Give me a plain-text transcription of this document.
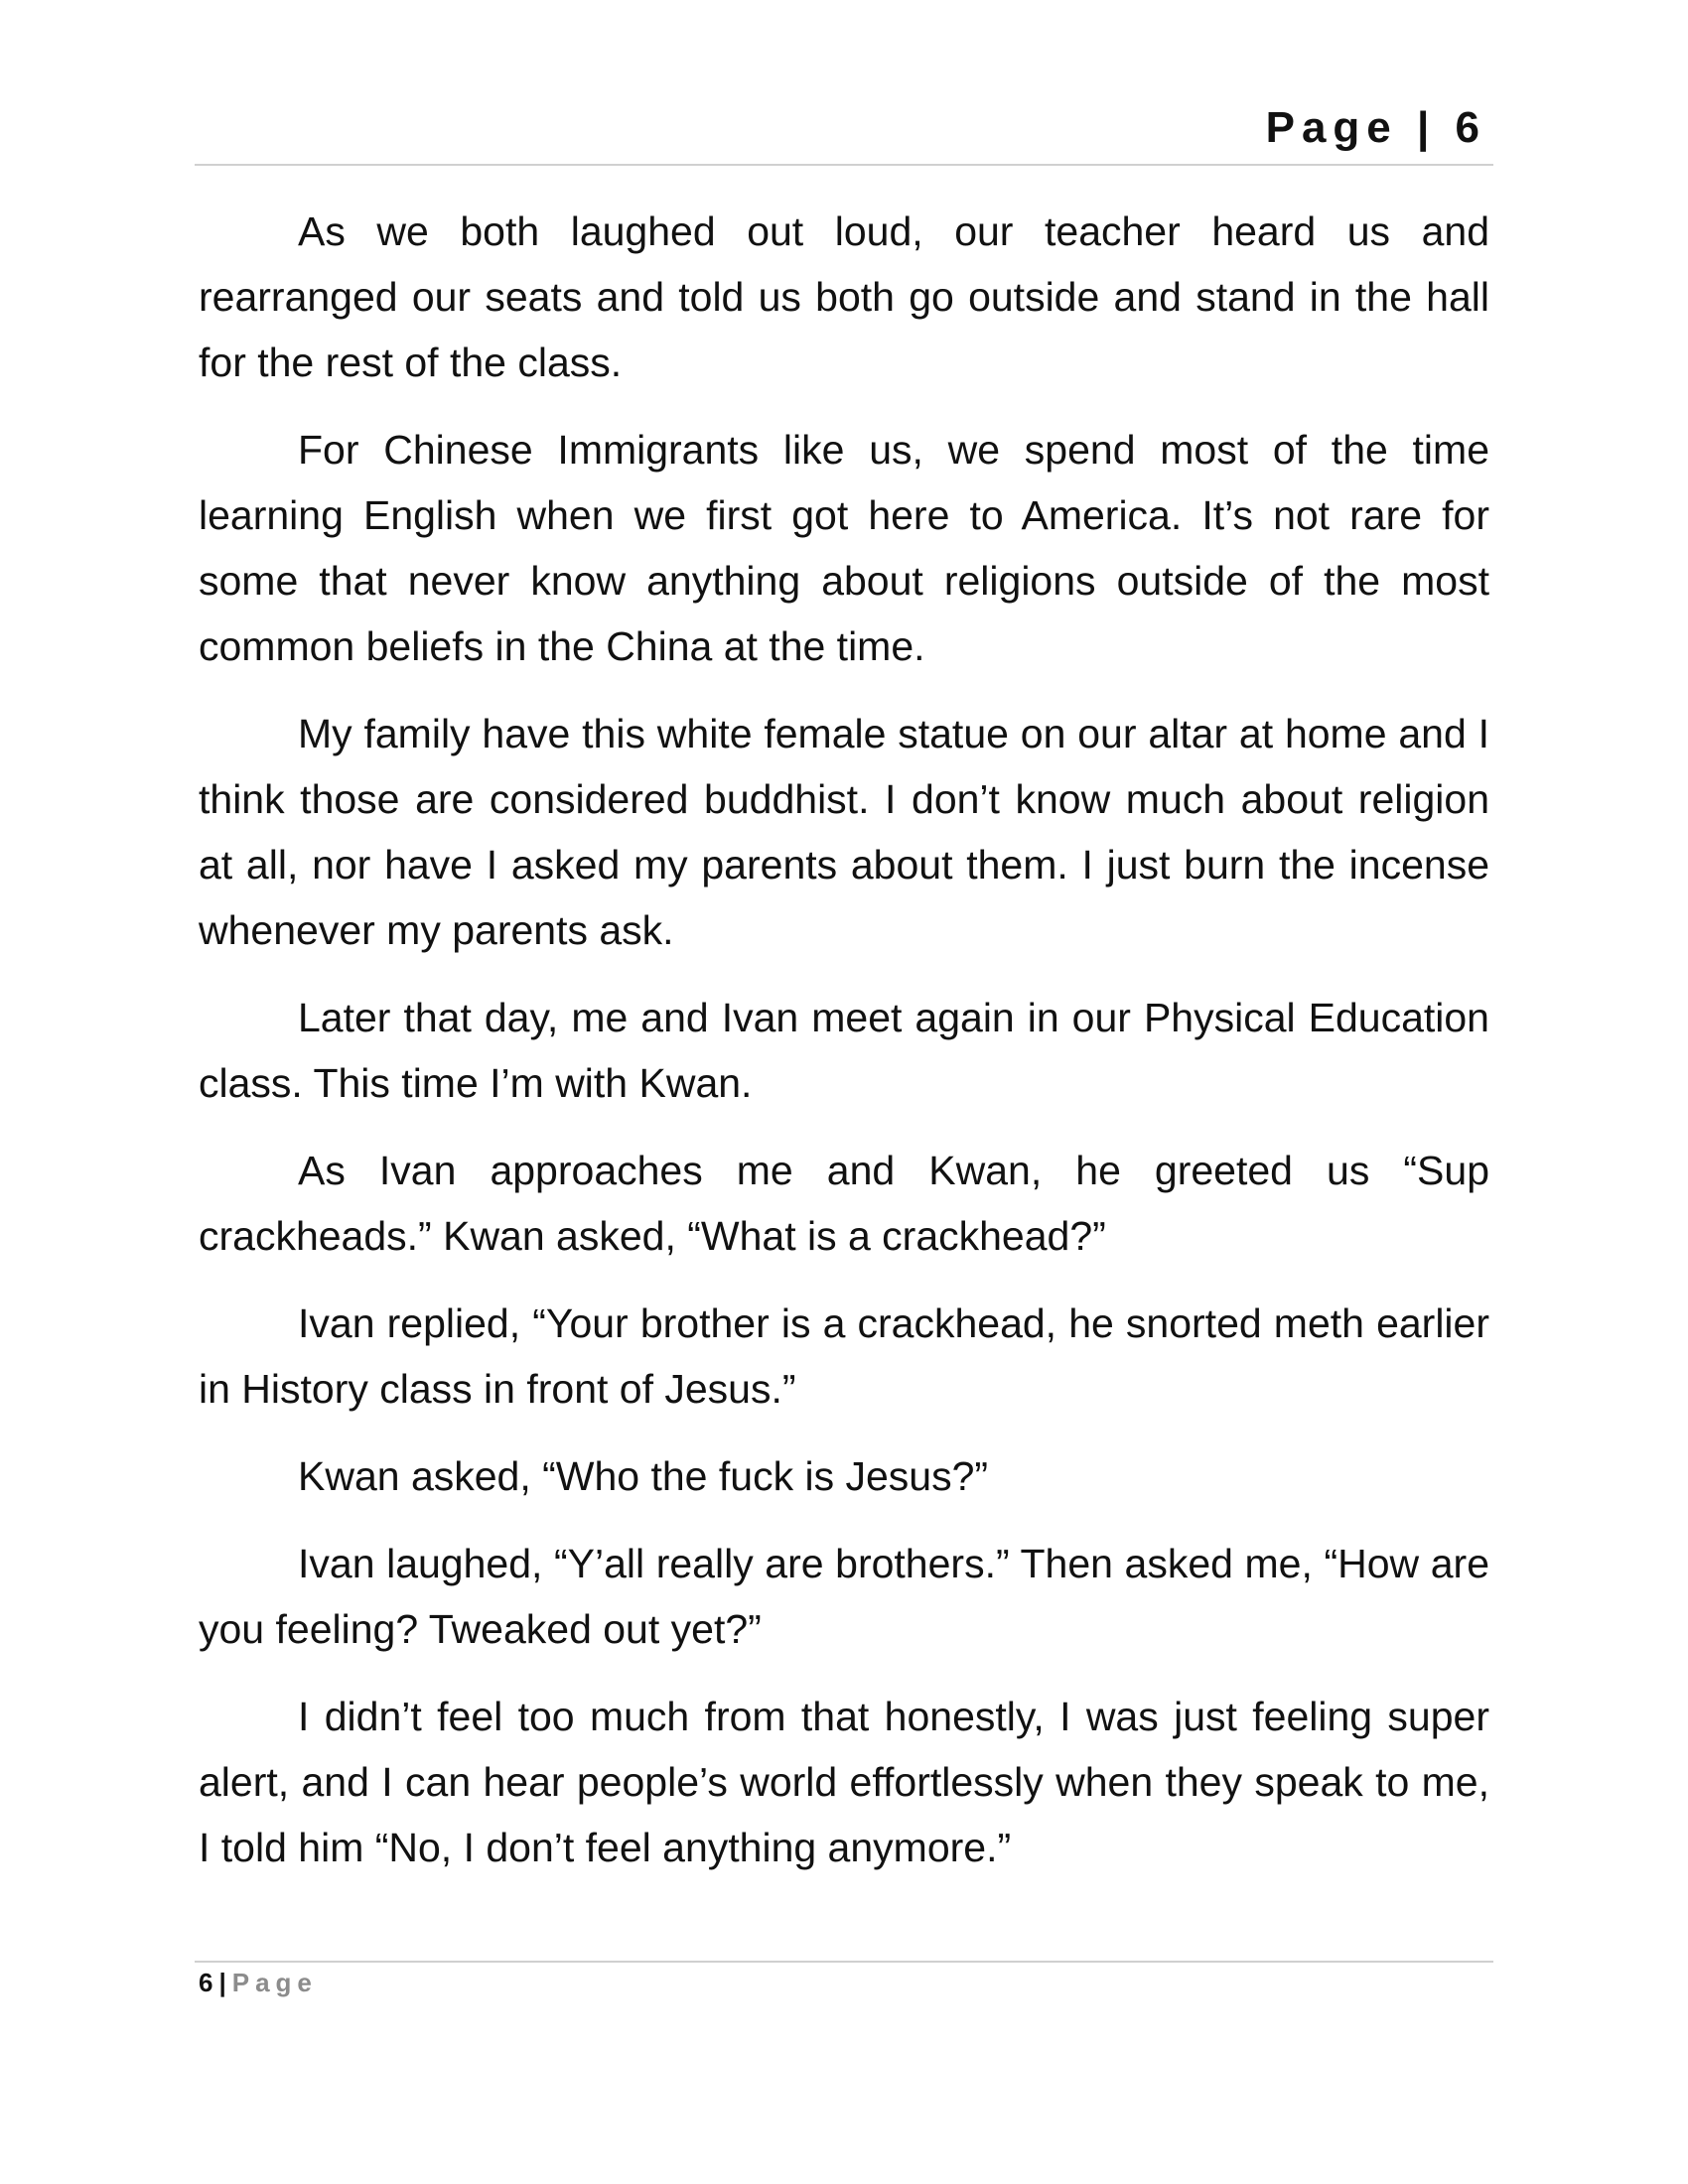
Page | 6

As we both laughed out loud, our teacher heard us and rearranged our seats and told us both go outside and stand in the hall for the rest of the class.

For Chinese Immigrants like us, we spend most of the time learning English when we first got here to America. It’s not rare for some that never know anything about religions outside of the most common beliefs in the China at the time.

My family have this white female statue on our altar at home and I think those are considered buddhist. I don’t know much about religion at all, nor have I asked my parents about them. I just burn the incense whenever my parents ask.

Later that day, me and Ivan meet again in our Physical Education class. This time I’m with Kwan.

As Ivan approaches me and Kwan, he greeted us “Sup crackheads.” Kwan asked, “What is a crackhead?”

Ivan replied, “Your brother is a crackhead, he snorted meth earlier in History class in front of Jesus.”

Kwan asked, “Who the fuck is Jesus?”

Ivan laughed, “Y’all really are brothers.” Then asked me, “How are you feeling? Tweaked out yet?”

I didn’t feel too much from that honestly, I was just feeling super alert, and I can hear people’s world effortlessly when they speak to me, I told him “No, I don’t feel anything anymore.”

6 | Page
